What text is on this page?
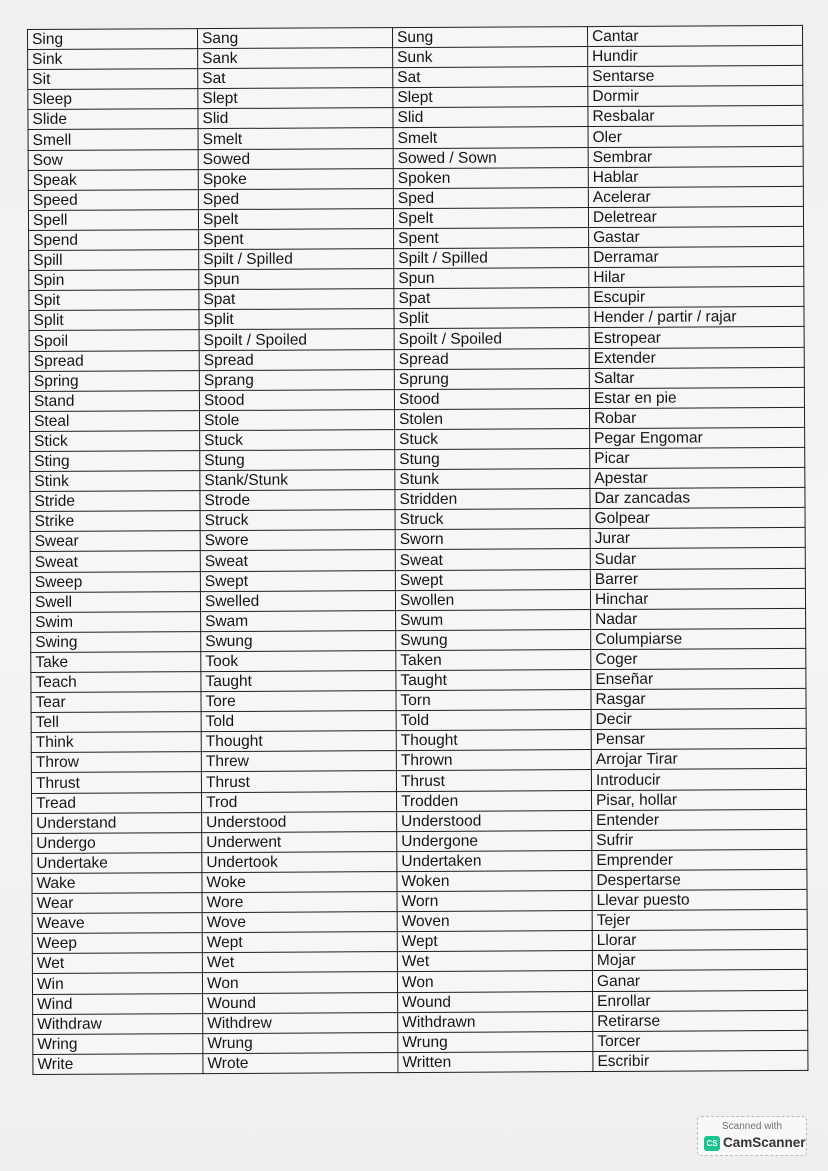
Sing	Sang	Sung	Cantar
Sink	Sank	Sunk	Hundir
Sit	Sat	Sat	Sentarse
Sleep	Slept	Slept	Dormir
Slide	Slid	Slid	Resbalar
Smell	Smelt	Smelt	Oler
Sow	Sowed	Sowed / Sown	Sembrar
Speak	Spoke	Spoken	Hablar
Speed	Sped	Sped	Acelerar
Spell	Spelt	Spelt	Deletrear
Spend	Spent	Spent	Gastar
Spill	Spilt / Spilled	Spilt / Spilled	Derramar
Spin	Spun	Spun	Hilar
Spit	Spat	Spat	Escupir
Split	Split	Split	Hender / partir / rajar
Spoil	Spoilt / Spoiled	Spoilt / Spoiled	Estropear
Spread	Spread	Spread	Extender
Spring	Sprang	Sprung	Saltar
Stand	Stood	Stood	Estar en pie
Steal	Stole	Stolen	Robar
Stick	Stuck	Stuck	Pegar Engomar
Sting	Stung	Stung	Picar
Stink	Stank/Stunk	Stunk	Apestar
Stride	Strode	Stridden	Dar zancadas
Strike	Struck	Struck	Golpear
Swear	Swore	Sworn	Jurar
Sweat	Sweat	Sweat	Sudar
Sweep	Swept	Swept	Barrer
Swell	Swelled	Swollen	Hinchar
Swim	Swam	Swum	Nadar
Swing	Swung	Swung	Columpiarse
Take	Took	Taken	Coger
Teach	Taught	Taught	Enseñar
Tear	Tore	Torn	Rasgar
Tell	Told	Told	Decir
Think	Thought	Thought	Pensar
Throw	Threw	Thrown	Arrojar Tirar
Thrust	Thrust	Thrust	Introducir
Tread	Trod	Trodden	Pisar, hollar
Understand	Understood	Understood	Entender
Undergo	Underwent	Undergone	Sufrir
Undertake	Undertook	Undertaken	Emprender
Wake	Woke	Woken	Despertarse
Wear	Wore	Worn	Llevar puesto
Weave	Wove	Woven	Tejer
Weep	Wept	Wept	Llorar
Wet	Wet	Wet	Mojar
Win	Won	Won	Ganar
Wind	Wound	Wound	Enrollar
Withdraw	Withdrew	Withdrawn	Retirarse
Wring	Wrung	Wrung	Torcer
Write	Wrote	Written	Escribir
Scanned with
CS CamScanner
